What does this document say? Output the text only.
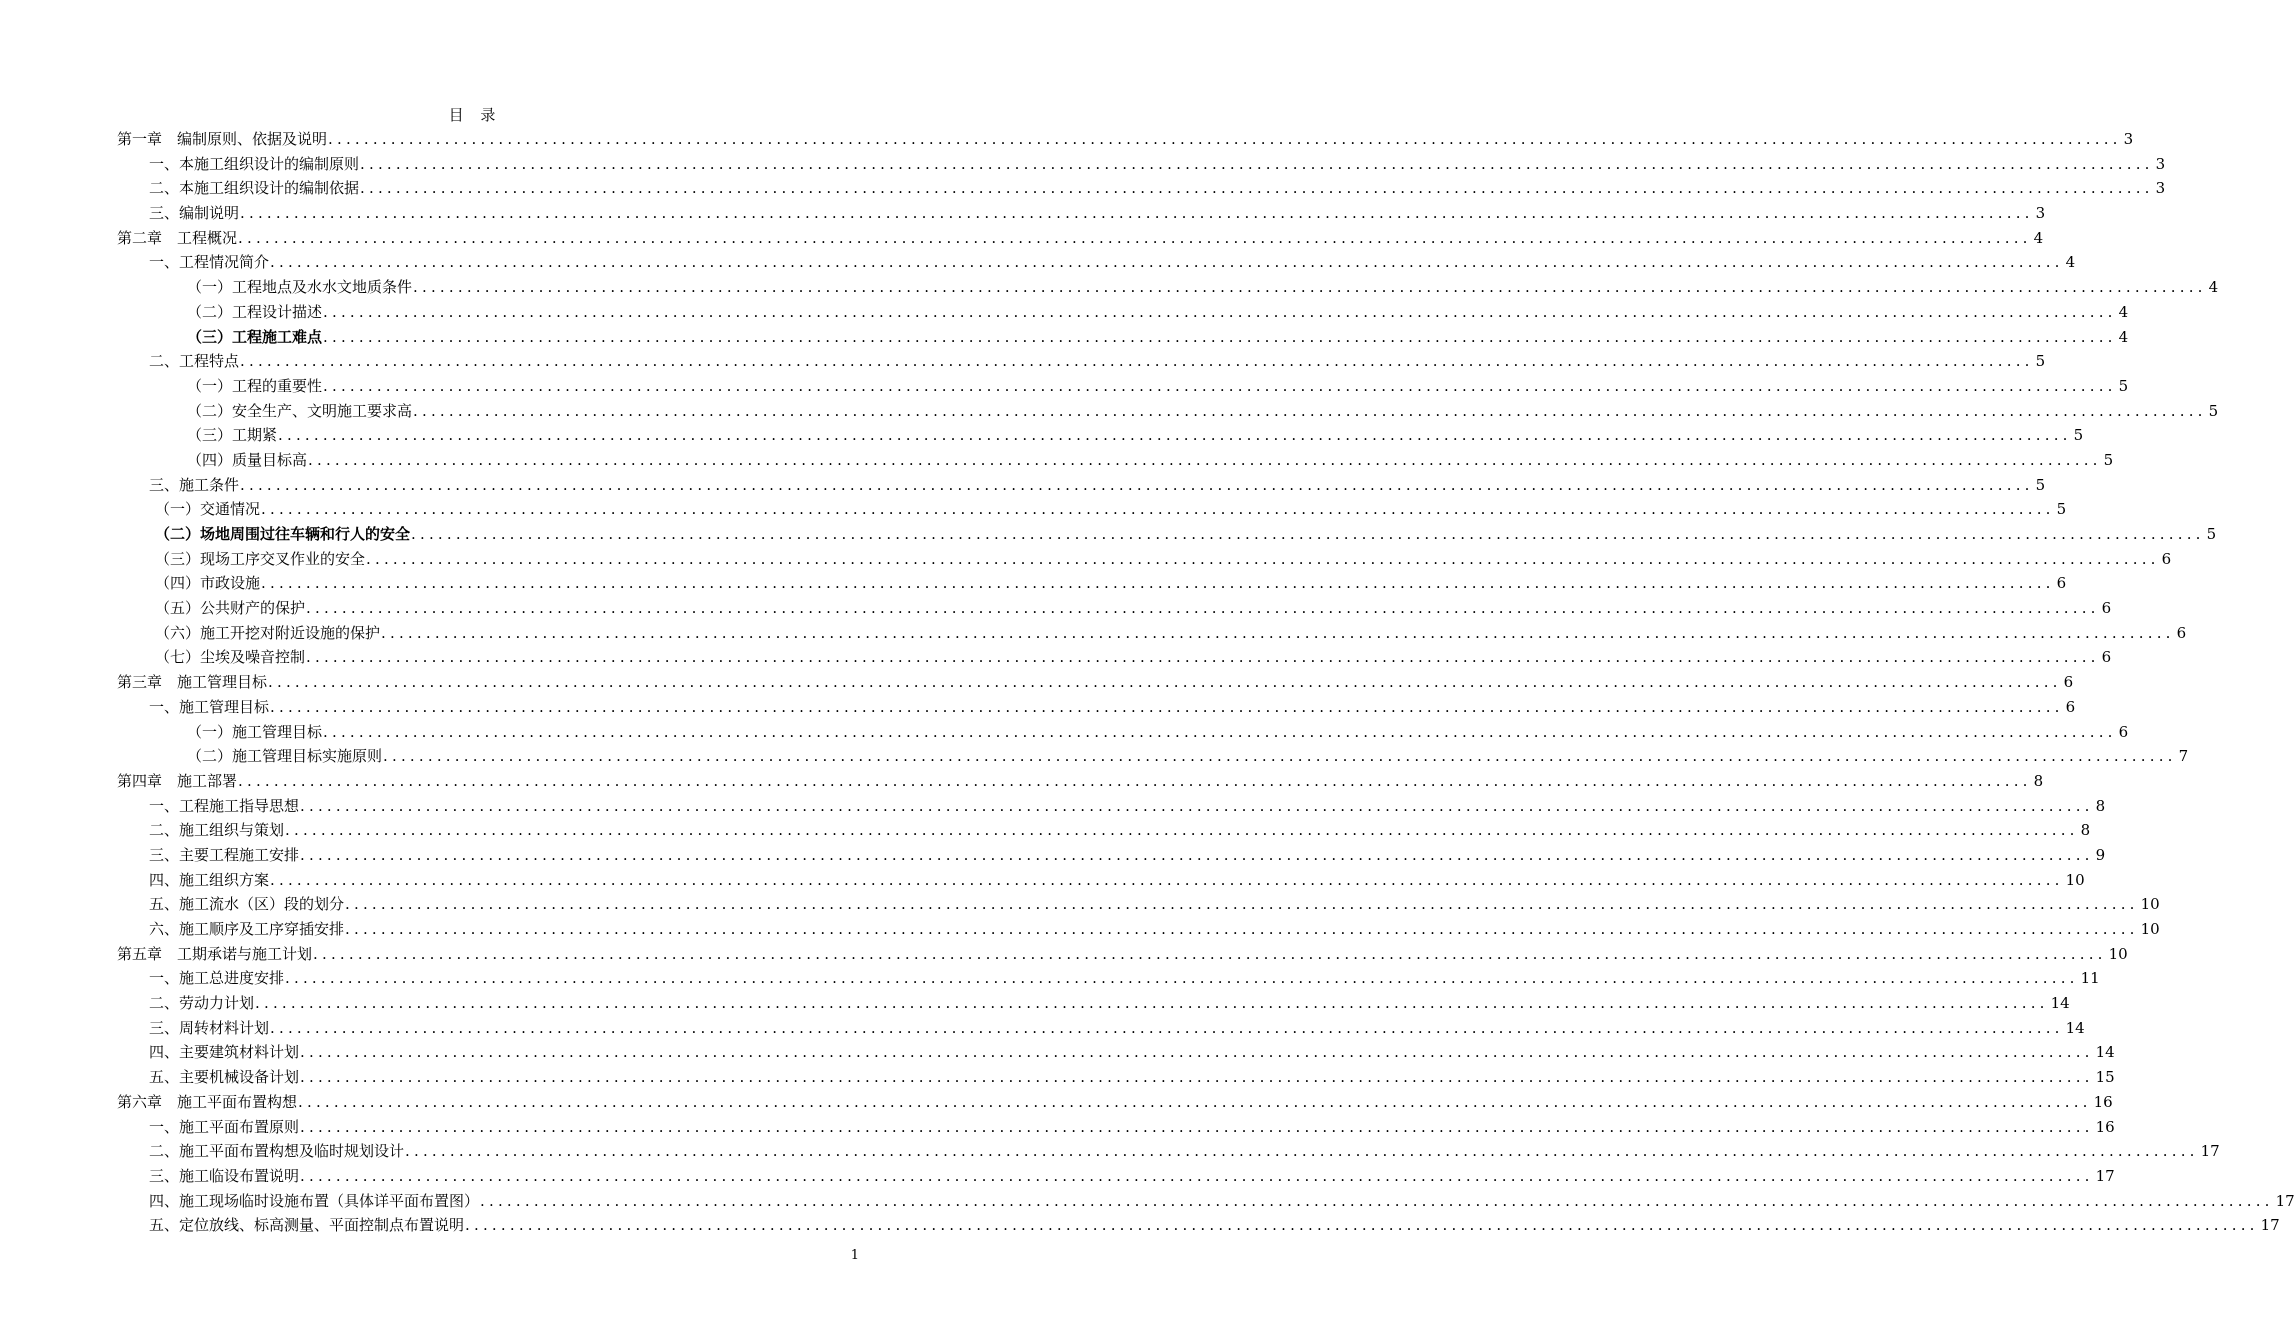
目 录
第一章　编制原则、依据及说明 ........................................................................................................................................................................................................ 3
一、本施工组织设计的编制原则 ........................................................................................................................................................................................................ 3
二、本施工组织设计的编制依据 ........................................................................................................................................................................................................ 3
三、编制说明 ........................................................................................................................................................................................................ 3
第二章　工程概况 ........................................................................................................................................................................................................ 4
一、工程情况简介 ........................................................................................................................................................................................................ 4
（一）工程地点及水水文地质条件 ........................................................................................................................................................................................................ 4
（二）工程设计描述 ........................................................................................................................................................................................................ 4
（三）工程施工难点 ........................................................................................................................................................................................................ 4
二、工程特点 ........................................................................................................................................................................................................ 5
（一）工程的重要性 ........................................................................................................................................................................................................ 5
（二）安全生产、文明施工要求高 ........................................................................................................................................................................................................ 5
（三）工期紧 ........................................................................................................................................................................................................ 5
（四）质量目标高 ........................................................................................................................................................................................................ 5
三、施工条件 ........................................................................................................................................................................................................ 5
（一）交通情况 ........................................................................................................................................................................................................ 5
（二）场地周围过往车辆和行人的安全 ........................................................................................................................................................................................................ 5
（三）现场工序交叉作业的安全 ........................................................................................................................................................................................................ 6
（四）市政设施 ........................................................................................................................................................................................................ 6
（五）公共财产的保护 ........................................................................................................................................................................................................ 6
（六）施工开挖对附近设施的保护 ........................................................................................................................................................................................................ 6
（七）尘埃及噪音控制 ........................................................................................................................................................................................................ 6
第三章　施工管理目标 ........................................................................................................................................................................................................ 6
一、施工管理目标 ........................................................................................................................................................................................................ 6
（一）施工管理目标 ........................................................................................................................................................................................................ 6
（二）施工管理目标实施原则 ........................................................................................................................................................................................................ 7
第四章　施工部署 ........................................................................................................................................................................................................ 8
一、工程施工指导思想 ........................................................................................................................................................................................................ 8
二、施工组织与策划 ........................................................................................................................................................................................................ 8
三、主要工程施工安排 ........................................................................................................................................................................................................ 9
四、施工组织方案 ........................................................................................................................................................................................................ 10
五、施工流水（区）段的划分 ........................................................................................................................................................................................................ 10
六、施工顺序及工序穿插安排 ........................................................................................................................................................................................................ 10
第五章　工期承诺与施工计划 ........................................................................................................................................................................................................ 10
一、施工总进度安排 ........................................................................................................................................................................................................ 11
二、劳动力计划 ........................................................................................................................................................................................................ 14
三、周转材料计划 ........................................................................................................................................................................................................ 14
四、主要建筑材料计划 ........................................................................................................................................................................................................ 14
五、主要机械设备计划 ........................................................................................................................................................................................................ 15
第六章　施工平面布置构想 ........................................................................................................................................................................................................ 16
一、施工平面布置原则 ........................................................................................................................................................................................................ 16
二、施工平面布置构想及临时规划设计 ........................................................................................................................................................................................................ 17
三、施工临设布置说明 ........................................................................................................................................................................................................ 17
四、施工现场临时设施布置（具体详平面布置图） ........................................................................................................................................................................................................ 17
五、定位放线、标高测量、平面控制点布置说明 ........................................................................................................................................................................................................ 17
1
